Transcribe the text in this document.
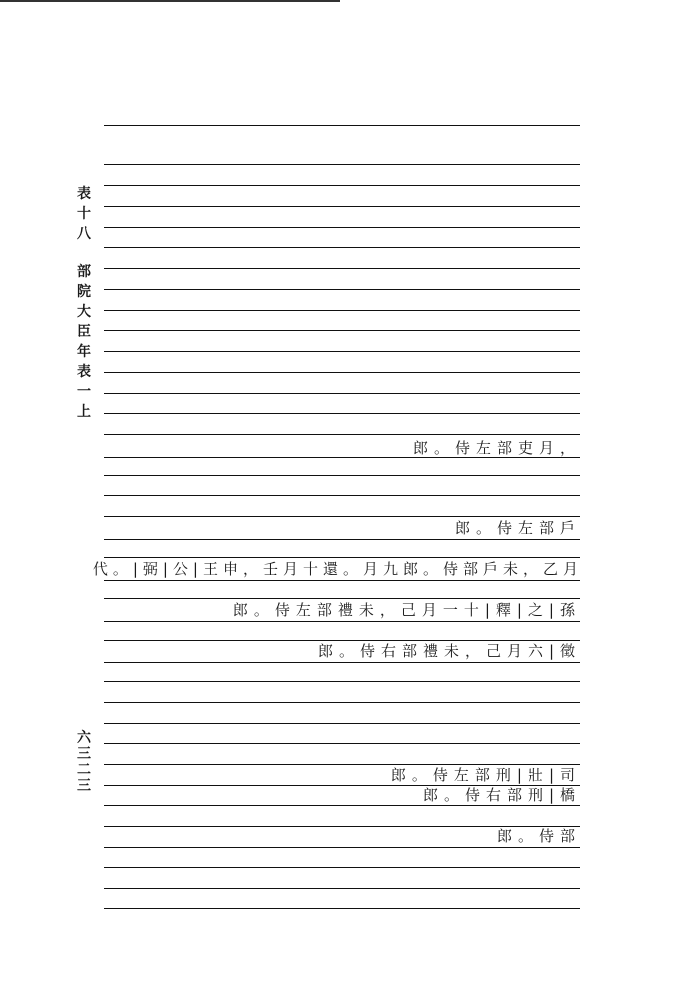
表
十
八
部
院
大
臣
年
表
一
上
六
三
二
三
郎。侍左部吏月，
郎。侍左部戶
代。|弼|公|王申，壬月十還。月九郎。侍部戶未，乙月
郎。侍左部禮未，己月一十|釋|之|孫
郎。侍右部禮未，己月六|徵
郎。侍左部刑|壯|司
郎。侍右部刑|橋
郎。侍部
